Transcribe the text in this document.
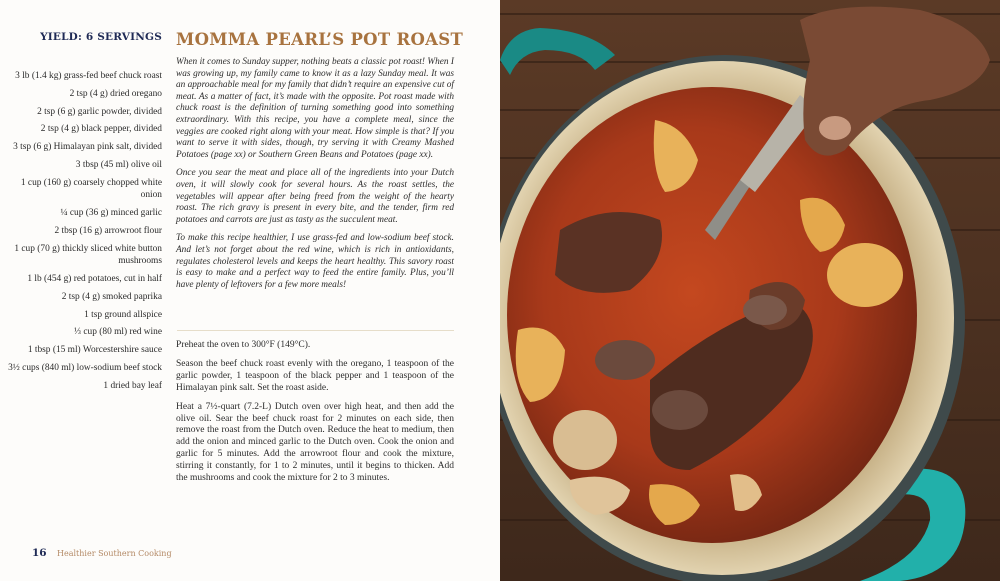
YIELD: 6 SERVINGS
3 lb (1.4 kg) grass-fed beef chuck roast
2 tsp (4 g) dried oregano
2 tsp (6 g) garlic powder, divided
2 tsp (4 g) black pepper, divided
3 tsp (6 g) Himalayan pink salt, divided
3 tbsp (45 ml) olive oil
1 cup (160 g) coarsely chopped white onion
¼ cup (36 g) minced garlic
2 tbsp (16 g) arrowroot flour
1 cup (70 g) thickly sliced white button mushrooms
1 lb (454 g) red potatoes, cut in half
2 tsp (4 g) smoked paprika
1 tsp ground allspice
⅓ cup (80 ml) red wine
1 tbsp (15 ml) Worcestershire sauce
3½ cups (840 ml) low-sodium beef stock
1 dried bay leaf
MOMMA PEARL’S POT ROAST

When it comes to Sunday supper, nothing beats a classic pot roast! When I was growing up, my family came to know it as a lazy Sunday meal. It was an approachable meal for my family that didn’t require an expensive cut of meat. As a matter of fact, it’s made with the opposite. Pot roast made with chuck roast is the definition of turning something good into something extraordinary. With this recipe, you have a complete meal, since the veggies are cooked right along with your meat. How simple is that? If you want to serve it with sides, though, try serving it with Creamy Mashed Potatoes (page xx) or Southern Green Beans and Potatoes (page xx).

Once you sear the meat and place all of the ingredients into your Dutch oven, it will slowly cook for several hours. As the roast settles, the vegetables will appear after being freed from the weight of the hearty roast. The rich gravy is present in every bite, and the tender, firm red potatoes and carrots are just as tasty as the succulent meat.

To make this recipe healthier, I use grass-fed and low-sodium beef stock. And let’s not forget about the red wine, which is rich in antioxidants, regulates cholesterol levels and keeps the heart healthy. This savory roast is easy to make and a perfect way to feed the entire family. Plus, you’ll have plenty of leftovers for a few more meals!

Preheat the oven to 300°F (149°C).

Season the beef chuck roast evenly with the oregano, 1 teaspoon of the garlic powder, 1 teaspoon of the black pepper and 1 teaspoon of the Himalayan pink salt. Set the roast aside.

Heat a 7½-quart (7.2-L) Dutch oven over high heat, and then add the olive oil. Sear the beef chuck roast for 2 minutes on each side, then remove the roast from the Dutch oven. Reduce the heat to medium, then add the onion and minced garlic to the Dutch oven. Cook the onion and garlic for 5 minutes. Add the arrowroot flour and cook the mixture, stirring it constantly, for 1 to 2 minutes, until it begins to thicken. Add the mushrooms and cook the mixture for 2 to 3 minutes.

16 Healthier Southern Cooking
